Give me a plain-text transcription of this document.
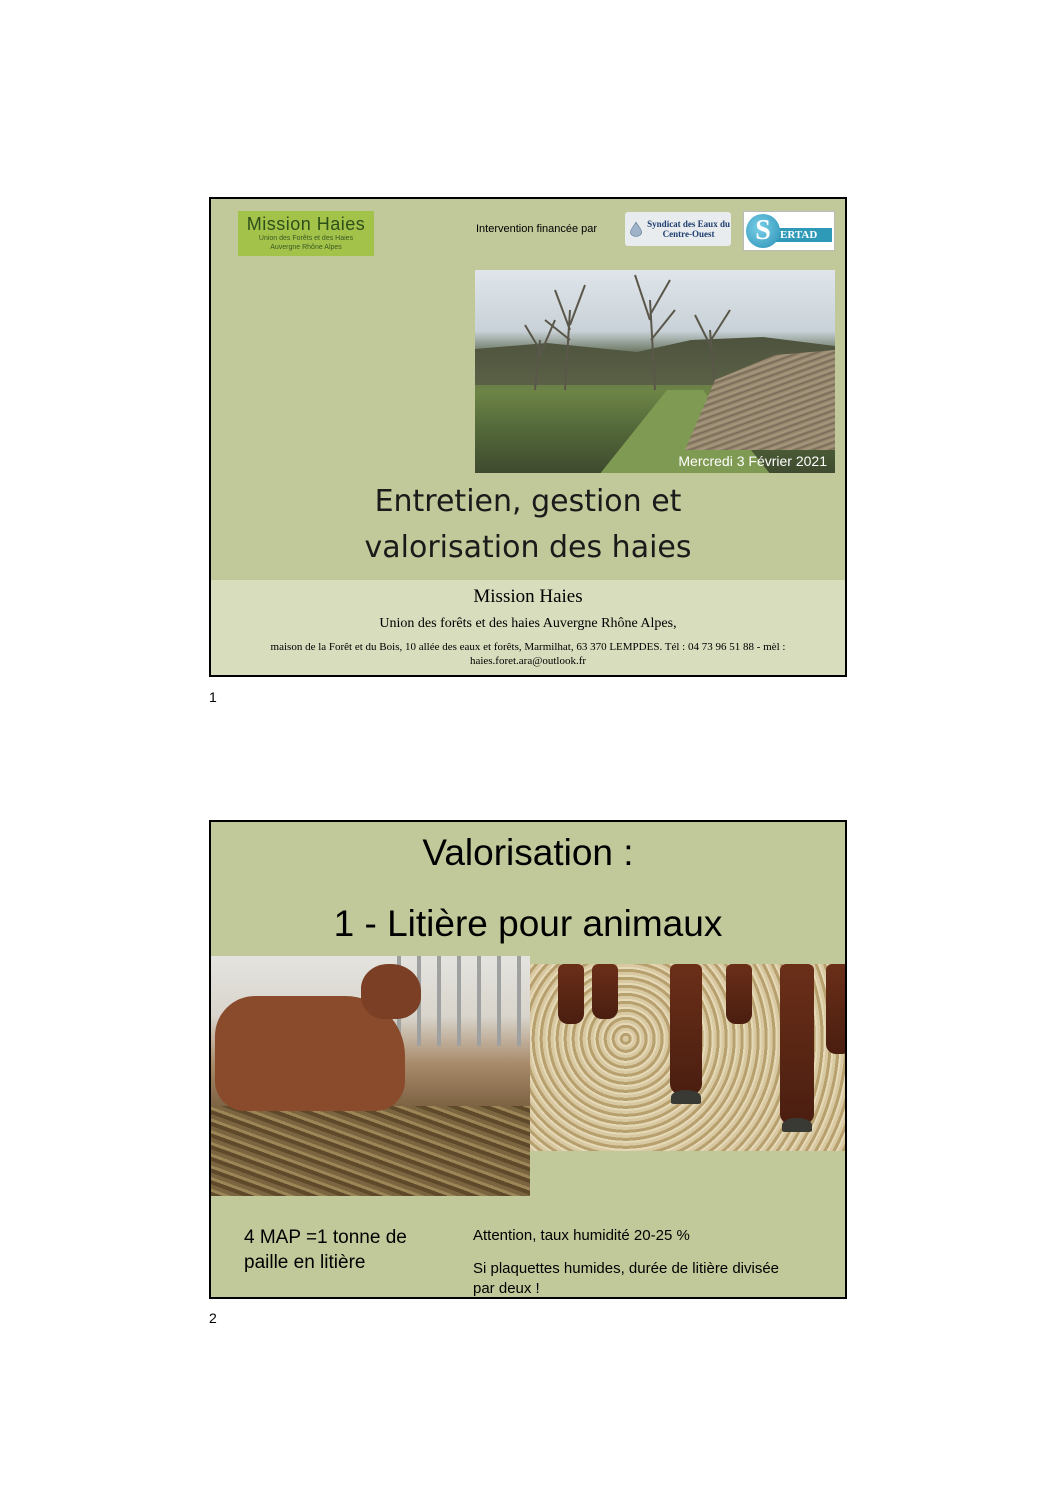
Mission Haies
Union des Forêts et des Haies
Auvergne Rhône Alpes
Intervention financée par	Syndicat des Eaux du Centre-Ouest	ERTAD
S
Mercredi 3 Février 2021
Entretien, gestion et
valorisation des haies
Mission Haies
Union des forêts et des haies Auvergne Rhône Alpes,
maison de la Forêt et du Bois, 10 allée des eaux et forêts, Marmilhat, 63 370 LEMPDES. Tél : 04 73 96 51 88 - mèl : haies.foret.ara@outlook.fr
1
Valorisation :
1 - Litière pour animaux
4 MAP =1 tonne de paille en litière
Attention, taux humidité 20-25 %
Si plaquettes humides, durée de litière divisée par deux !
2
